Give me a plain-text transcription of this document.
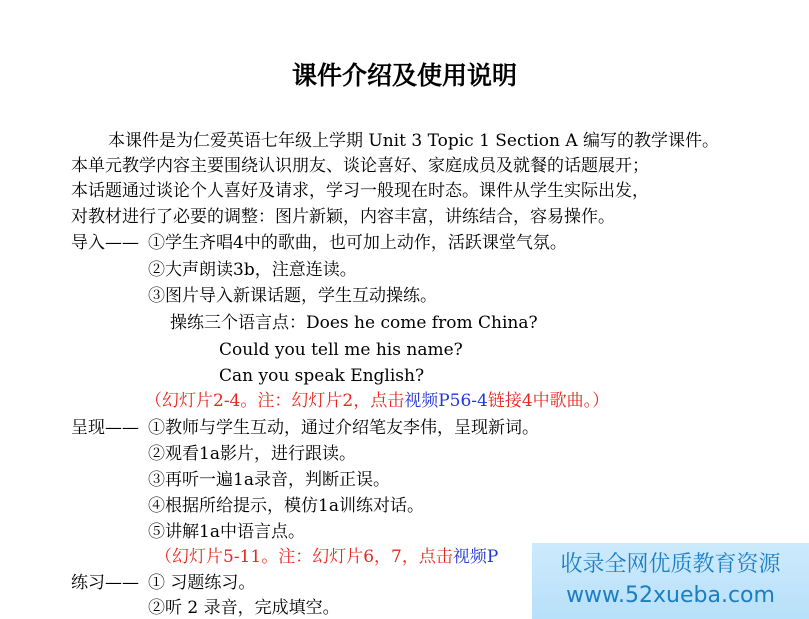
课件介绍及使用说明
本课件是为仁爱英语七年级上学期 Unit 3 Topic 1 Section A 编写的教学课件。
本单元教学内容主要围绕认识朋友、谈论喜好、家庭成员及就餐的话题展开；
本话题通过谈论个人喜好及请求，学习一般现在时态。课件从学生实际出发，
对教材进行了必要的调整：图片新颖，内容丰富，讲练结合，容易操作。
导入—— ①学生齐唱4中的歌曲，也可加上动作，活跃课堂气氛。
②大声朗读3b，注意连读。
③图片导入新课话题，学生互动操练。
操练三个语言点：Does he come from China?
Could you tell me his name?
Can you speak English?
（幻灯片2-4。注：幻灯片2，点击视频P56-4链接4中歌曲。）
呈现—— ①教师与学生互动，通过介绍笔友李伟，呈现新词。
②观看1a影片，进行跟读。
③再听一遍1a录音，判断正误。
④根据所给提示，模仿1a训练对话。
⑤讲解1a中语言点。
（幻灯片5-11。注：幻灯片6，7，点击视频P
练习—— ① 习题练习。
②听 2 录音，完成填空。
收录全网优质教育资源
www.52xueba.com
